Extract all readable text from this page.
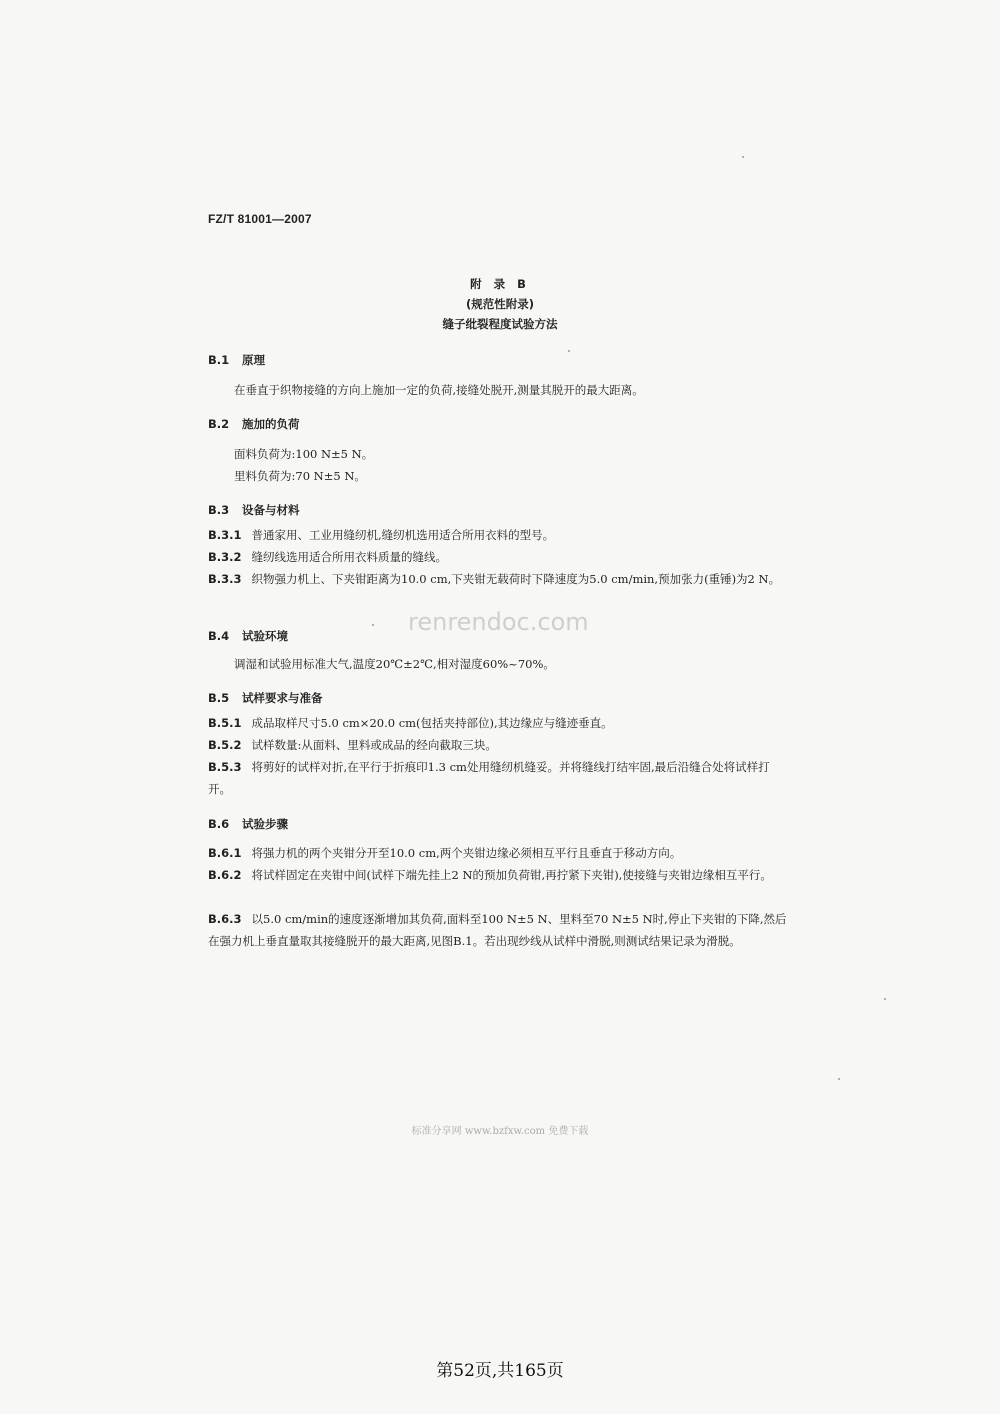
FZ/T 81001—2007
附 录 B
(规范性附录)
缝子纰裂程度试验方法
B.1 原理
在垂直于织物接缝的方向上施加一定的负荷,接缝处脱开,测量其脱开的最大距离。
B.2 施加的负荷
面料负荷为:100 N±5 N。
里料负荷为:70 N±5 N。
B.3 设备与材料
B.3.1 普通家用、工业用缝纫机,缝纫机选用适合所用衣料的型号。
B.3.2 缝纫线选用适合所用衣料质量的缝线。
B.3.3 织物强力机上、下夹钳距离为10.0 cm,下夹钳无载荷时下降速度为5.0 cm/min,预加张力(重锤)为2 N。
renrendoc.com
B.4 试验环境
调湿和试验用标准大气,温度20℃±2℃,相对湿度60%~70%。
B.5 试样要求与准备
B.5.1 成品取样尺寸5.0 cm×20.0 cm(包括夹持部位),其边缘应与缝迹垂直。
B.5.2 试样数量:从面料、里料或成品的经向截取三块。
B.5.3 将剪好的试样对折,在平行于折痕印1.3 cm处用缝纫机缝妥。并将缝线打结牢固,最后沿缝合处将试样打开。
B.6 试验步骤
B.6.1 将强力机的两个夹钳分开至10.0 cm,两个夹钳边缘必须相互平行且垂直于移动方向。
B.6.2 将试样固定在夹钳中间(试样下端先挂上2 N的预加负荷钳,再拧紧下夹钳),使接缝与夹钳边缘相互平行。
B.6.3 以5.0 cm/min的速度逐渐增加其负荷,面料至100 N±5 N、里料至70 N±5 N时,停止下夹钳的下降,然后在强力机上垂直量取其接缝脱开的最大距离,见图B.1。若出现纱线从试样中滑脱,则测试结果记录为滑脱。
标准分享网 www.bzfxw.com 免费下载
第52页,共165页
